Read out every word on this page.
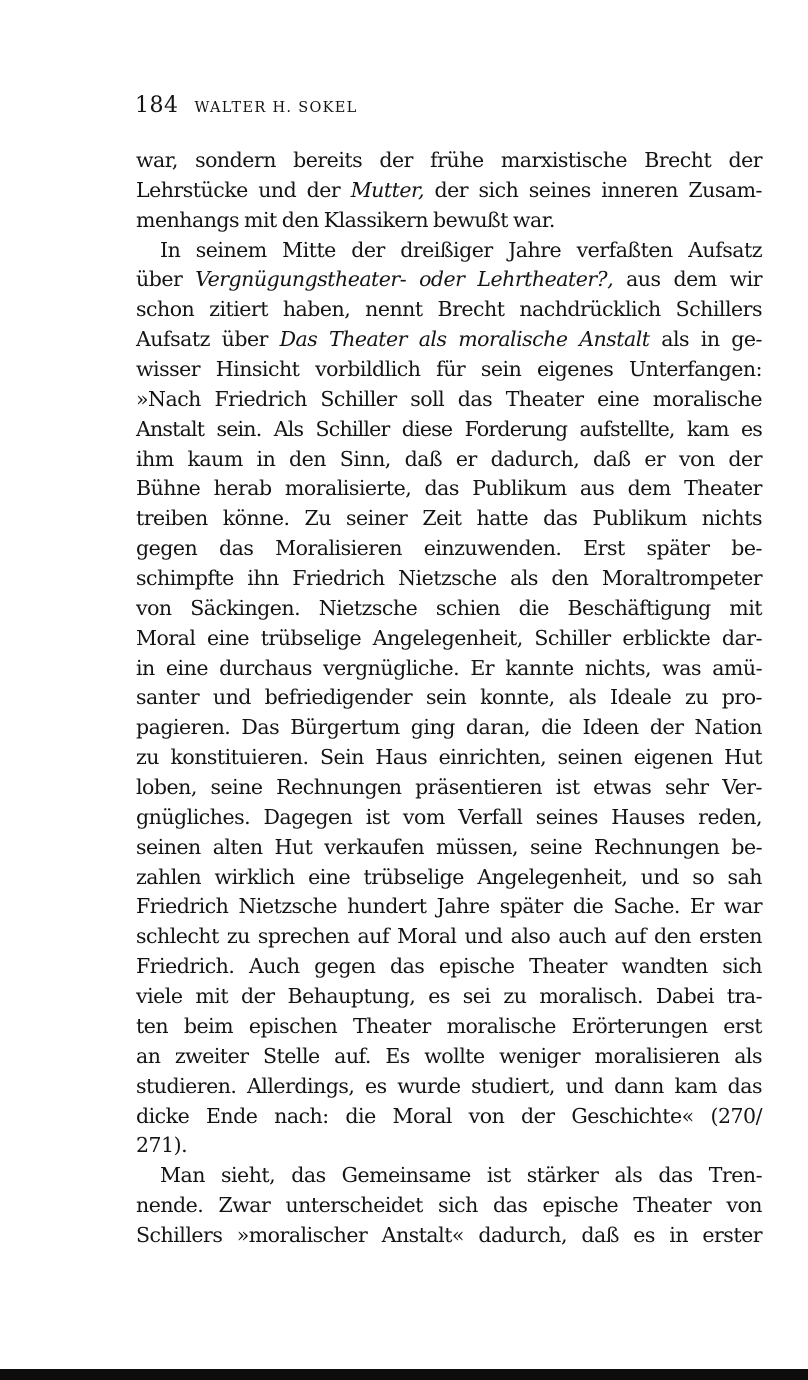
184 WALTER H. SOKEL
war, sondern bereits der frühe marxistische Brecht der
Lehrstücke und der Mutter, der sich seines inneren Zusam-
menhangs mit den Klassikern bewußt war.
In seinem Mitte der dreißiger Jahre verfaßten Aufsatz
über Vergnügungstheater- oder Lehrtheater?, aus dem wir
schon zitiert haben, nennt Brecht nachdrücklich Schillers
Aufsatz über Das Theater als moralische Anstalt als in ge-
wisser Hinsicht vorbildlich für sein eigenes Unterfangen:
»Nach Friedrich Schiller soll das Theater eine moralische
Anstalt sein. Als Schiller diese Forderung aufstellte, kam es
ihm kaum in den Sinn, daß er dadurch, daß er von der
Bühne herab moralisierte, das Publikum aus dem Theater
treiben könne. Zu seiner Zeit hatte das Publikum nichts
gegen das Moralisieren einzuwenden. Erst später be-
schimpfte ihn Friedrich Nietzsche als den Moraltrompeter
von Säckingen. Nietzsche schien die Beschäftigung mit
Moral eine trübselige Angelegenheit, Schiller erblickte dar-
in eine durchaus vergnügliche. Er kannte nichts, was amü-
santer und befriedigender sein konnte, als Ideale zu pro-
pagieren. Das Bürgertum ging daran, die Ideen der Nation
zu konstituieren. Sein Haus einrichten, seinen eigenen Hut
loben, seine Rechnungen präsentieren ist etwas sehr Ver-
gnügliches. Dagegen ist vom Verfall seines Hauses reden,
seinen alten Hut verkaufen müssen, seine Rechnungen be-
zahlen wirklich eine trübselige Angelegenheit, und so sah
Friedrich Nietzsche hundert Jahre später die Sache. Er war
schlecht zu sprechen auf Moral und also auch auf den ersten
Friedrich. Auch gegen das epische Theater wandten sich
viele mit der Behauptung, es sei zu moralisch. Dabei tra-
ten beim epischen Theater moralische Erörterungen erst
an zweiter Stelle auf. Es wollte weniger moralisieren als
studieren. Allerdings, es wurde studiert, und dann kam das
dicke Ende nach: die Moral von der Geschichte« (270/
271).
Man sieht, das Gemeinsame ist stärker als das Tren-
nende. Zwar unterscheidet sich das epische Theater von
Schillers »moralischer Anstalt« dadurch, daß es in erster
